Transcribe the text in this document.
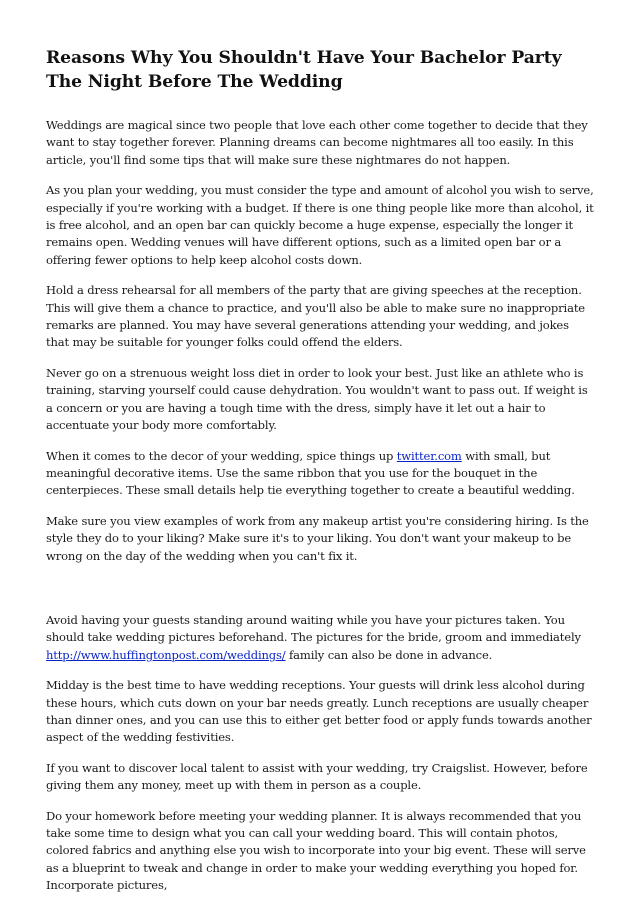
Reasons Why You Shouldn't Have Your Bachelor Party The Night Before The Wedding

Weddings are magical since two people that love each other come together to decide that they want to stay together forever. Planning dreams can become nightmares all too easily. In this article, you'll find some tips that will make sure these nightmares do not happen.

As you plan your wedding, you must consider the type and amount of alcohol you wish to serve, especially if you're working with a budget. If there is one thing people like more than alcohol, it is free alcohol, and an open bar can quickly become a huge expense, especially the longer it remains open. Wedding venues will have different options, such as a limited open bar or a offering fewer options to help keep alcohol costs down.

Hold a dress rehearsal for all members of the party that are giving speeches at the reception. This will give them a chance to practice, and you'll also be able to make sure no inappropriate remarks are planned. You may have several generations attending your wedding, and jokes that may be suitable for younger folks could offend the elders.

Never go on a strenuous weight loss diet in order to look your best. Just like an athlete who is training, starving yourself could cause dehydration. You wouldn't want to pass out. If weight is a concern or you are having a tough time with the dress, simply have it let out a hair to accentuate your body more comfortably.

When it comes to the decor of your wedding, spice things up twitter.com with small, but meaningful decorative items. Use the same ribbon that you use for the bouquet in the centerpieces. These small details help tie everything together to create a beautiful wedding.

Make sure you view examples of work from any makeup artist you're considering hiring. Is the style they do to your liking? Make sure it's to your liking. You don't want your makeup to be wrong on the day of the wedding when you can't fix it.

Avoid having your guests standing around waiting while you have your pictures taken. You should take wedding pictures beforehand. The pictures for the bride, groom and immediately http://www.huffingtonpost.com/weddings/ family can also be done in advance.

Midday is the best time to have wedding receptions. Your guests will drink less alcohol during these hours, which cuts down on your bar needs greatly. Lunch receptions are usually cheaper than dinner ones, and you can use this to either get better food or apply funds towards another aspect of the wedding festivities.

If you want to discover local talent to assist with your wedding, try Craigslist. However, before giving them any money, meet up with them in person as a couple.

Do your homework before meeting your wedding planner. It is always recommended that you take some time to design what you can call your wedding board. This will contain photos, colored fabrics and anything else you wish to incorporate into your big event. These will serve as a blueprint to tweak and change in order to make your wedding everything you hoped for. Incorporate pictures,
